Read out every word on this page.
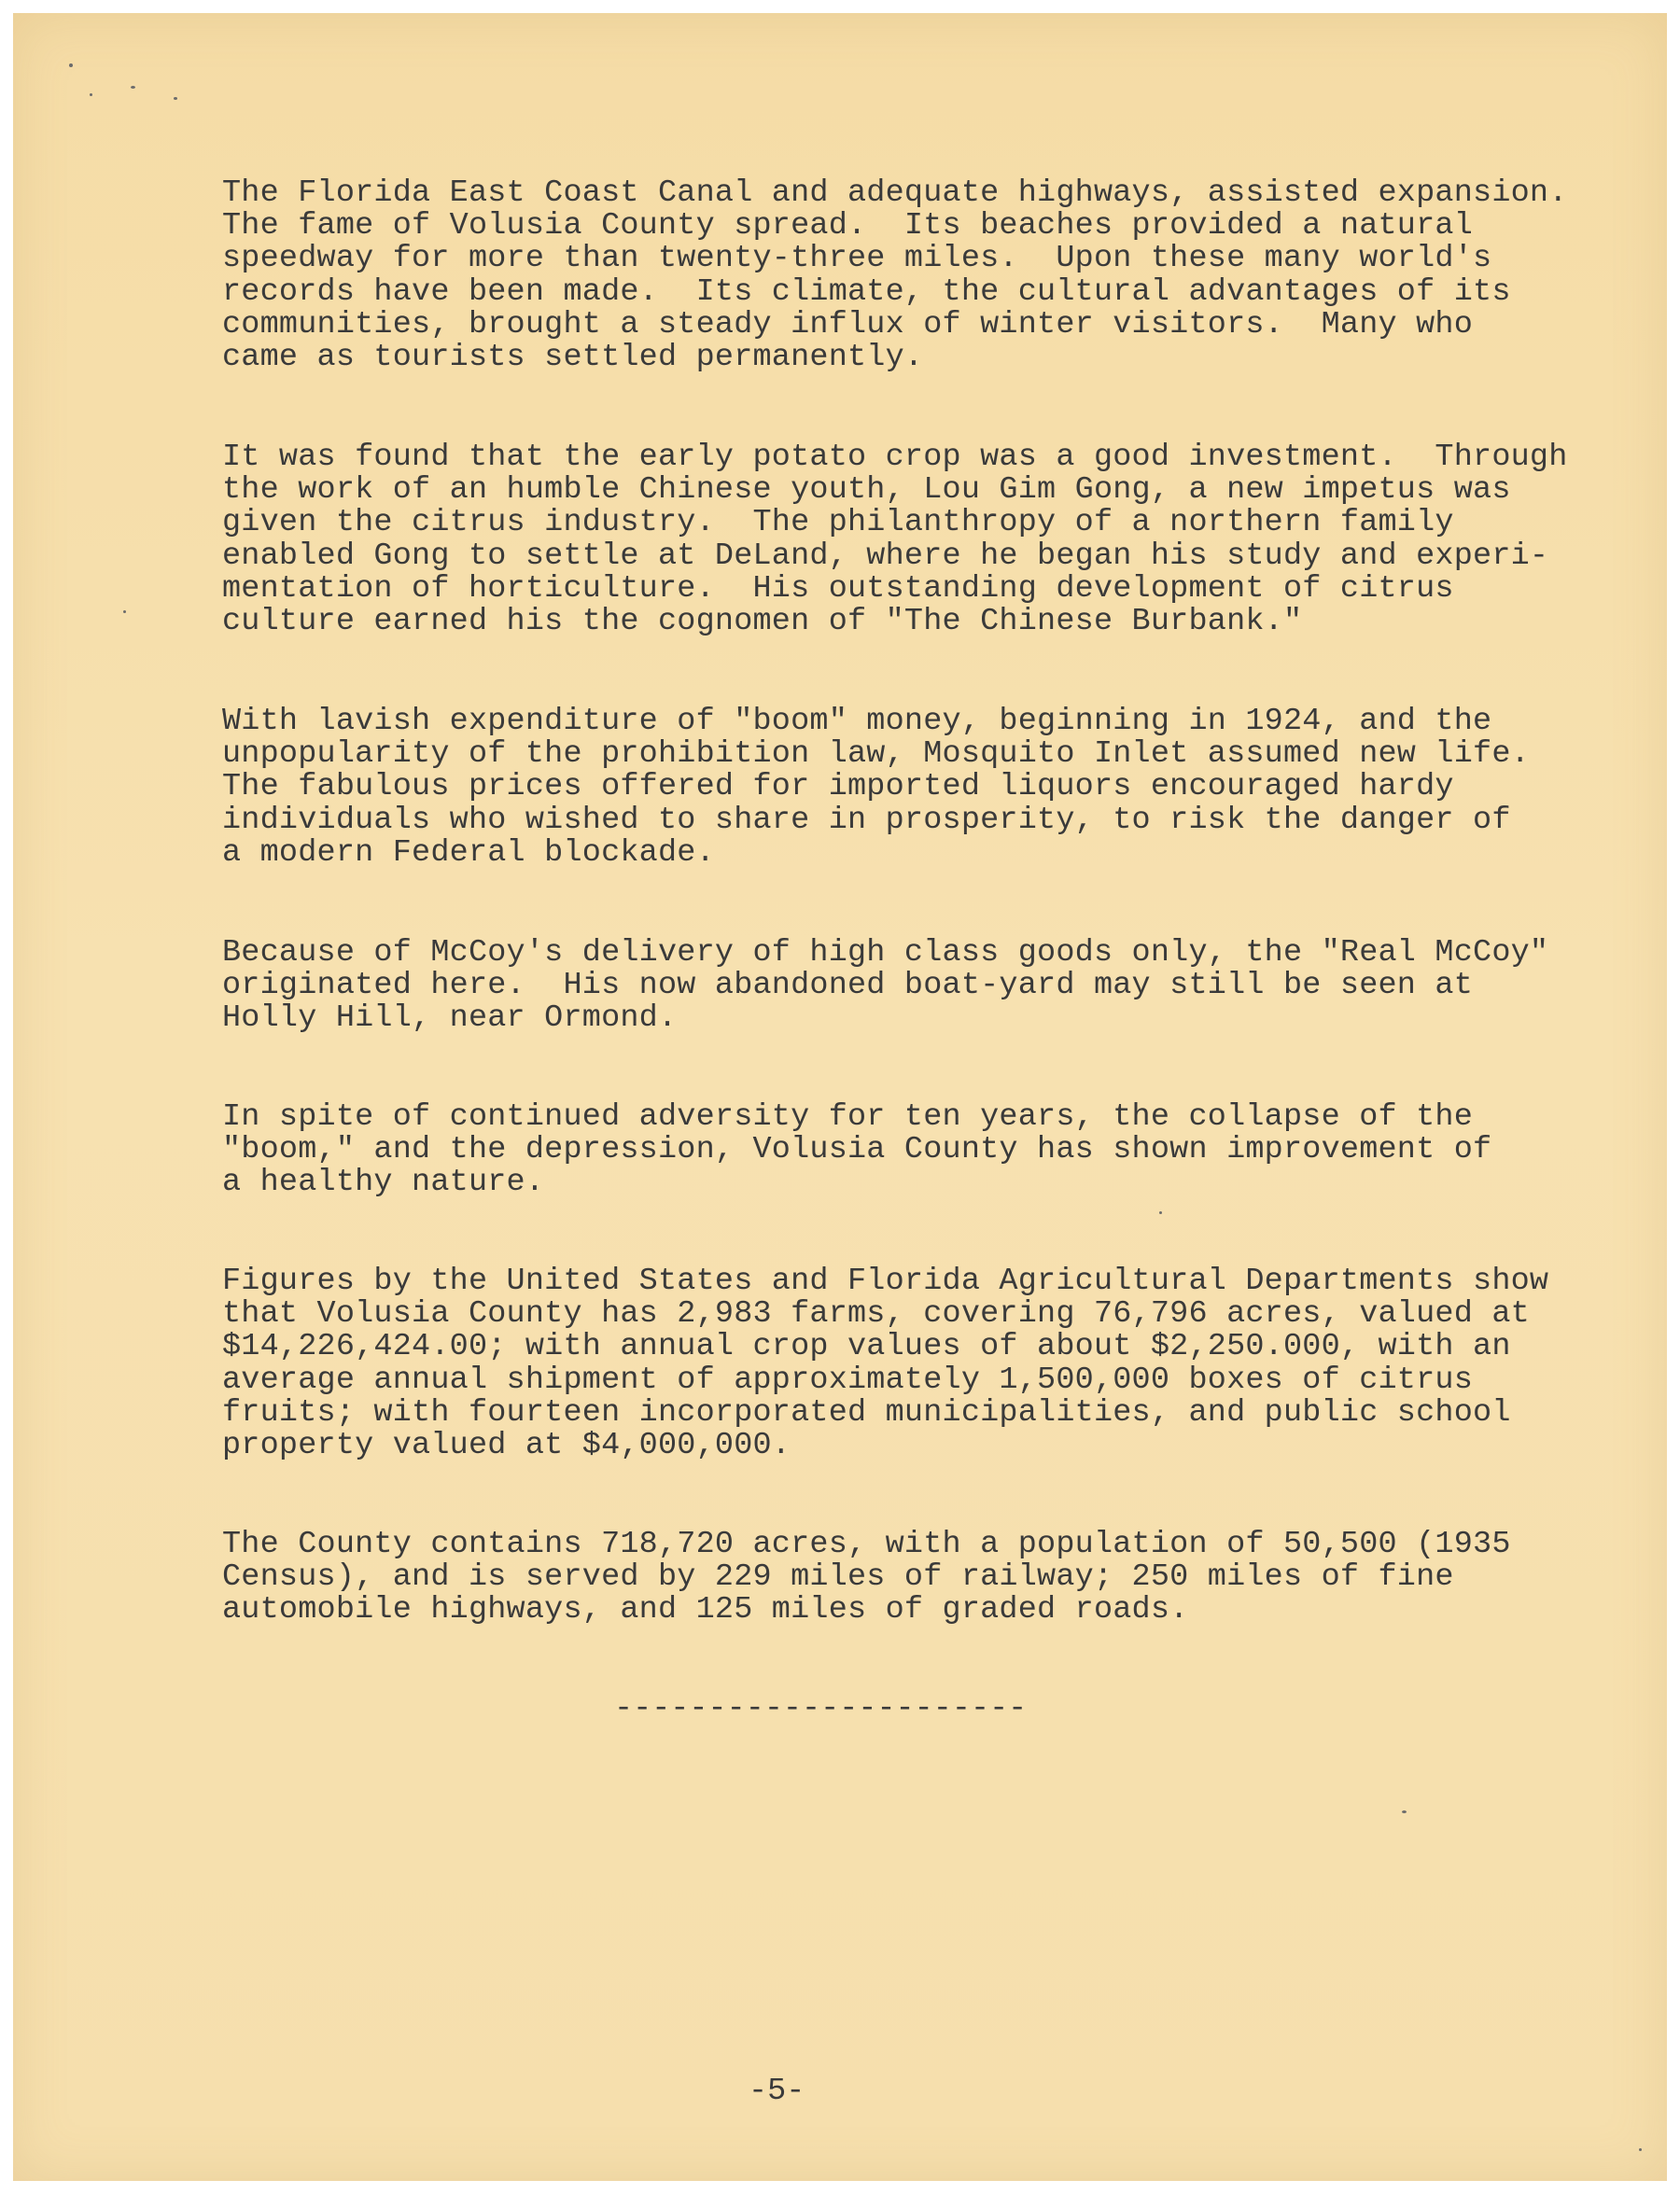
The Florida East Coast Canal and adequate highways, assisted expansion.
The fame of Volusia County spread.  Its beaches provided a natural
speedway for more than twenty-three miles.  Upon these many world's
records have been made.  Its climate, the cultural advantages of its
communities, brought a steady influx of winter visitors.  Many who
came as tourists settled permanently.

It was found that the early potato crop was a good investment.  Through
the work of an humble Chinese youth, Lou Gim Gong, a new impetus was
given the citrus industry.  The philanthropy of a northern family
enabled Gong to settle at DeLand, where he began his study and experi-
mentation of horticulture.  His outstanding development of citrus
culture earned his the cognomen of "The Chinese Burbank."

With lavish expenditure of "boom" money, beginning in 1924, and the
unpopularity of the prohibition law, Mosquito Inlet assumed new life.
The fabulous prices offered for imported liquors encouraged hardy
individuals who wished to share in prosperity, to risk the danger of
a modern Federal blockade.

Because of McCoy's delivery of high class goods only, the "Real McCoy"
originated here.  His now abandoned boat-yard may still be seen at
Holly Hill, near Ormond.

In spite of continued adversity for ten years, the collapse of the
"boom," and the depression, Volusia County has shown improvement of
a healthy nature.

Figures by the United States and Florida Agricultural Departments show
that Volusia County has 2,983 farms, covering 76,796 acres, valued at
$14,226,424.00; with annual crop values of about $2,250.000, with an
average annual shipment of approximately 1,500,000 boxes of citrus
fruits; with fourteen incorporated municipalities, and public school
property valued at $4,000,000.

The County contains 718,720 acres, with a population of 50,500 (1935
Census), and is served by 229 miles of railway; 250 miles of fine
automobile highways, and 125 miles of graded roads.

----------------------
-5-
